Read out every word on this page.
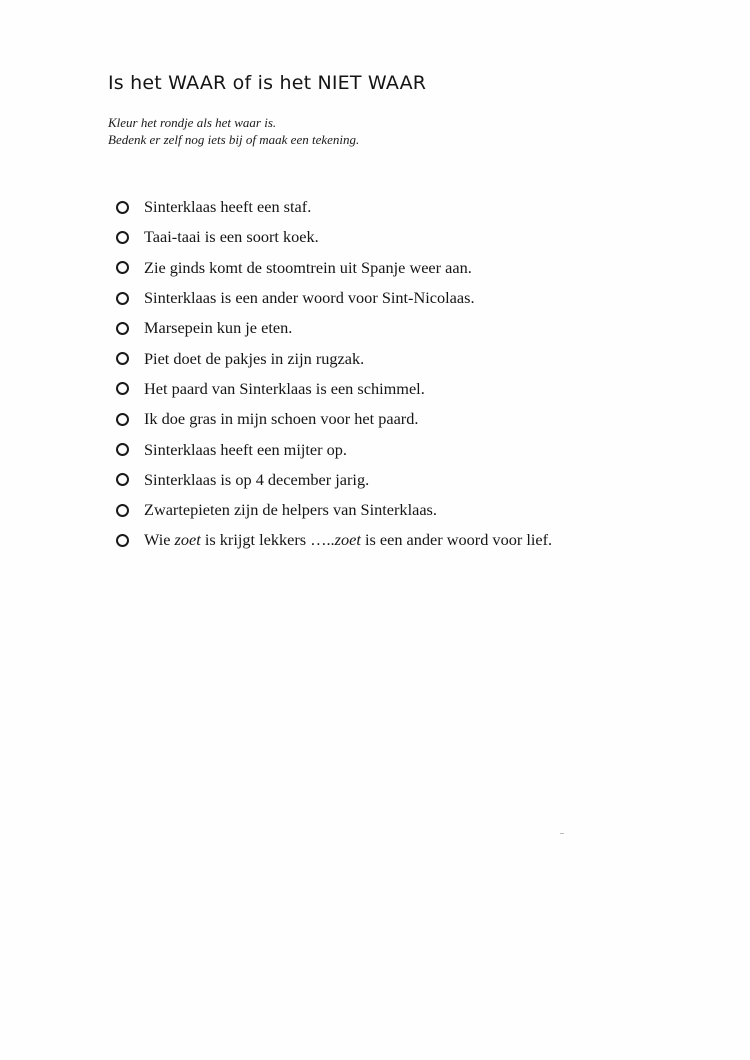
Is het WAAR of is het NIET WAAR
Kleur het rondje als het waar is.
Bedenk er zelf nog iets bij of maak een tekening.
Sinterklaas heeft een staf.
Taai-taai is een soort koek.
Zie ginds komt de stoomtrein uit Spanje weer aan.
Sinterklaas is een ander woord voor Sint-Nicolaas.
Marsepein kun je eten.
Piet doet de pakjes in zijn rugzak.
Het paard van Sinterklaas is een schimmel.
Ik doe gras in mijn schoen voor het paard.
Sinterklaas heeft een mijter op.
Sinterklaas is op 4 december jarig.
Zwartepieten zijn de helpers van Sinterklaas.
Wie zoet is krijgt lekkers …..zoet is een ander woord voor lief.
